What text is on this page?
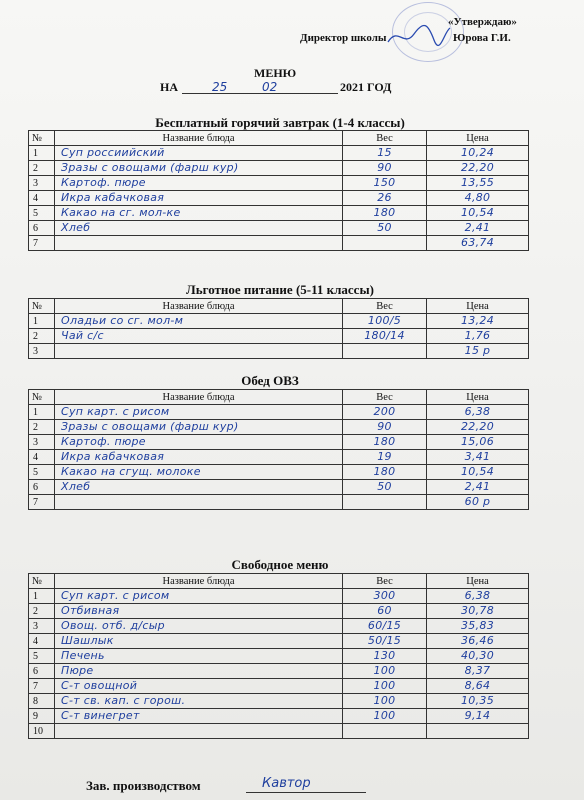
«Утверждаю»
Директор школы	Юрова Г.И.
МЕНЮ
НА	25	02	2021 ГОД
Бесплатный горячий завтрак (1-4 классы)
№	Название блюда	Вес	Цена
1	Суп россиийский	15	10,24
2	Зразы с овощами (фарш кур)	90	22,20
3	Картоф. пюре	150	13,55
4	Икра кабачковая	26	4,80
5	Какао на сг. мол-ке	180	10,54
6	Хлеб	50	2,41
7			63,74
Льготное питание (5-11 классы)
№	Название блюда	Вес	Цена
1	Оладьи со сг. мол-м	100/5	13,24
2	Чай с/с	180/14	1,76
3			15 р
Обед ОВЗ
№	Название блюда	Вес	Цена
1	Суп карт. с рисом	200	6,38
2	Зразы с овощами (фарш кур)	90	22,20
3	Картоф. пюре	180	15,06
4	Икра кабачковая	19	3,41
5	Какао на сгущ. молоке	180	10,54
6	Хлеб	50	2,41
7			60 р
Свободное меню
№	Название блюда	Вес	Цена
1	Суп карт. с рисом	300	6,38
2	Отбивная	60	30,78
3	Овощ. отб. д/сыр	60/15	35,83
4	Шашлык	50/15	36,46
5	Печень	130	40,30
6	Пюре	100	8,37
7	С-т овощной	100	8,64
8	С-т св. кап. с горош.	100	10,35
9	С-т винегрет	100	9,14
10			
Зав. производством	Кавтор
